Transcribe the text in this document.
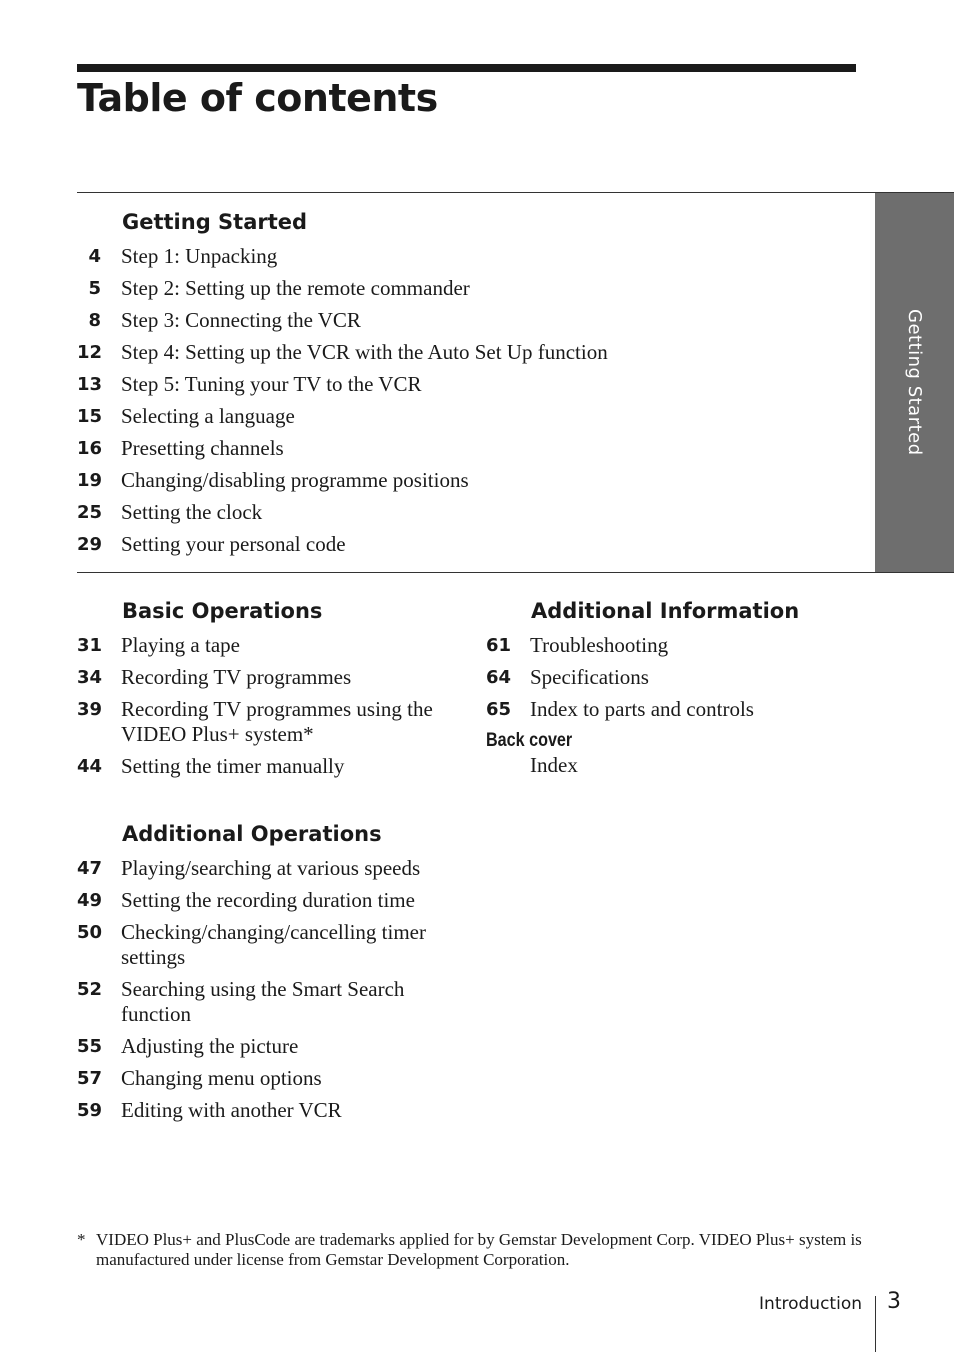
Table of contents
Getting Started
Getting Started
4 Step 1: Unpacking
5 Step 2: Setting up the remote commander
8 Step 3: Connecting the VCR
12 Step 4: Setting up the VCR with the Auto Set Up function
13 Step 5: Tuning your TV to the VCR
15 Selecting a language
16 Presetting channels
19 Changing/disabling programme positions
25 Setting the clock
29 Setting your personal code
Basic Operations
31 Playing a tape
34 Recording TV programmes
39 Recording TV programmes using the VIDEO Plus+ system*
44 Setting the timer manually
Additional Operations
47 Playing/searching at various speeds
49 Setting the recording duration time
50 Checking/changing/cancelling timer settings
52 Searching using the Smart Search function
55 Adjusting the picture
57 Changing menu options
59 Editing with another VCR
Additional Information
61 Troubleshooting
64 Specifications
65 Index to parts and controls
Back cover
Index
* VIDEO Plus+ and PlusCode are trademarks applied for by Gemstar Development Corp. VIDEO Plus+ system is manufactured under license from Gemstar Development Corporation.
Introduction 3
